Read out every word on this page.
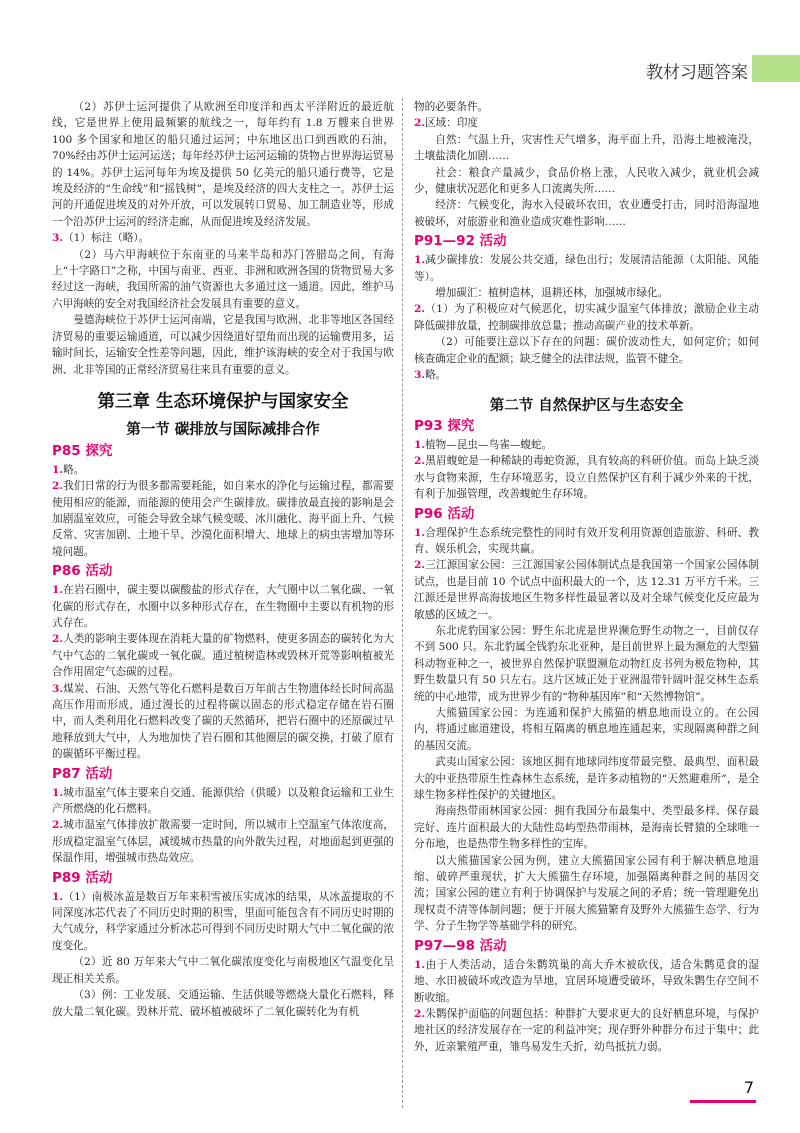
教材习题答案

（2）苏伊士运河提供了从欧洲至印度洋和西太平洋附近的最近航线，它是世界上使用最频繁的航线之一，每年约有 1.8 万艘来自世界 100 多个国家和地区的船只通过运河；中东地区出口到西欧的石油，70%经由苏伊士运河运送；每年经苏伊士运河运输的货物占世界海运贸易的 14%。苏伊士运河每年为埃及提供 50 亿美元的船只通行费等，它是埃及经济的“生命线”和“摇钱树”，是埃及经济的四大支柱之一。苏伊士运河的开通促进埃及的对外开放，可以发展转口贸易、加工制造业等，形成一个沿苏伊士运河的经济走廊，从而促进埃及经济发展。

3.（1）标注（略）。

（2）马六甲海峡位于东南亚的马来半岛和苏门答腊岛之间，有海上“十字路口”之称，中国与南亚、西亚、非洲和欧洲各国的货物贸易大多经过这一海峡，我国所需的油气资源也大多通过这一通道。因此，维护马六甲海峡的安全对我国经济社会发展具有重要的意义。

曼德海峡位于苏伊士运河南端，它是我国与欧洲、北非等地区各国经济贸易的重要运输通道，可以减少因绕道好望角而出现的运输费用多，运输时间长，运输安全性差等问题，因此，维护该海峡的安全对于我国与欧洲、北非等国的正常经济贸易往来具有重要的意义。

第三章 生态环境保护与国家安全
第一节 碳排放与国际减排合作
P85 探究

1.略。

2.我们日常的行为很多都需要耗能，如自来水的净化与运输过程，都需要使用相应的能源，而能源的使用会产生碳排放。碳排放最直接的影响是会加剧温室效应，可能会导致全球气候变暖、冰川融化、海平面上升、气候反常、灾害加剧、土地干旱、沙漠化面积增大、地球上的病虫害增加等环境问题。

P86 活动

1.在岩石圈中，碳主要以碳酸盐的形式存在，大气圈中以二氧化碳、一氧化碳的形式存在，水圈中以多种形式存在，在生物圈中主要以有机物的形式存在。

2.人类的影响主要体现在消耗大量的矿物燃料，使更多固态的碳转化为大气中气态的二氧化碳或一氧化碳。通过植树造林或毁林开荒等影响植被光合作用固定气态碳的过程。

3.煤炭、石油、天然气等化石燃料是数百万年前古生物遗体经长时间高温高压作用而形成，通过漫长的过程将碳以固态的形式稳定存储在岩石圈中，而人类利用化石燃料改变了碳的天然循环，把岩石圈中的还原碳过早地释放到大气中，人为地加快了岩石圈和其他圈层的碳交换，打破了原有的碳循环平衡过程。

P87 活动

1.城市温室气体主要来自交通、能源供给（供暖）以及粮食运输和工业生产所燃烧的化石燃料。

2.城市温室气体排放扩散需要一定时间，所以城市上空温室气体浓度高，形成稳定温室气体层，减缓城市热量的向外散失过程，对地面起到更强的保温作用，增强城市热岛效应。

P89 活动

1.（1）南极冰盖是数百万年来积雪被压实成冰的结果，从冰盖提取的不同深度冰芯代表了不同历史时期的积雪，里面可能包含有不同历史时期的大气成分，科学家通过分析冰芯可得到不同历史时期大气中二氧化碳的浓度变化。

（2）近 80 万年来大气中二氧化碳浓度变化与南极地区气温变化呈现正相关关系。

（3）例：工业发展、交通运输、生活供暖等燃烧大量化石燃料，释放大量二氧化碳。毁林开荒、破坏植被破坏了二氧化碳转化为有机

物的必要条件。

2.区域：印度

自然：气温上升，灾害性天气增多，海平面上升，沿海土地被淹没，土壤盐渍化加剧……

社会：粮食产量减少，食品价格上涨，人民收入减少，就业机会减少，健康状况恶化和更多人口流离失所……

经济：气候变化，海水入侵破坏农田，农业遭受打击，同时沿海湿地被破坏，对旅游业和渔业造成灾难性影响……

P91—92 活动

1.减少碳排放：发展公共交通，绿色出行；发展清洁能源（太阳能、风能等）。

增加碳汇：植树造林，退耕还林，加强城市绿化。

2.（1）为了积极应对气候恶化，切实减少温室气体排放；激励企业主动降低碳排放量，控制碳排放总量；推动高碳产业的技术革新。

（2）可能要注意以下存在的问题：碳价波动性大，如何定价；如何核查确定企业的配额；缺乏健全的法律法规，监管不健全。

3.略。

第二节 自然保护区与生态安全
P93 探究

1.植物—昆虫—鸟雀—蝮蛇。

2.黑眉蝮蛇是一种稀缺的毒蛇资源，具有较高的科研价值。而岛上缺乏淡水与食物来源，生存环境恶劣，设立自然保护区有利于减少外来的干扰，有利于加强管理，改善蝮蛇生存环境。

P96 活动

1.合理保护生态系统完整性的同时有效开发利用资源创造旅游、科研、教育、娱乐机会，实现共赢。

2.三江源国家公园：三江源国家公园体制试点是我国第一个国家公园体制试点，也是目前 10 个试点中面积最大的一个，达 12.31 万平方千米。三江源还是世界高海拔地区生物多样性最显著以及对全球气候变化反应最为敏感的区域之一。

东北虎豹国家公园：野生东北虎是世界濒危野生动物之一，目前仅存不到 500 只。东北豹属全钱豹东北亚种，是目前世界上最为濒危的大型猫科动物亚种之一，被世界自然保护联盟濒危动物红皮书列为极危物种，其野生数量只有 50 只左右。这片区域正处于亚洲温带针阔叶混交林生态系统的中心地带，成为世界少有的“物种基因库”和“天然博物馆”。

大熊猫国家公园：为连通和保护大熊猫的栖息地而设立的。在公园内，将通过廊道建设，将相互隔离的栖息地连通起来，实现隔离种群之间的基因交流。

武夷山国家公园：该地区拥有地球同纬度带最完整、最典型、面积最大的中亚热带原生性森林生态系统，是许多动植物的“天然避难所”，是全球生物多样性保护的关键地区。

海南热带雨林国家公园：拥有我国分布最集中、类型最多样、保存最完好、连片面积最大的大陆性岛屿型热带雨林，是海南长臂猿的全球唯一分布地，也是热带生物多样性的宝库。

以大熊猫国家公园为例，建立大熊猫国家公园有利于解决栖息地退缩、破碎严重现状，扩大大熊猫生存环境，加强隔离种群之间的基因交流；国家公园的建立有利于协调保护与发展之间的矛盾；统一管理避免出现权责不清等体制问题；便于开展大熊猫繁育及野外大熊猫生态学、行为学、分子生物学等基础学科的研究。

P97—98 活动

1.由于人类活动，适合朱鹮筑巢的高大乔木被砍伐，适合朱鹮觅食的湿地、水田被破坏或改造为旱地，宜居环境遭受破坏，导致朱鹮生存空间不断收缩。

2.朱鹮保护面临的问题包括：种群扩大要求更大的良好栖息环境，与保护地社区的经济发展存在一定的利益冲突；现存野外种群分布过于集中；此外，近亲繁殖严重，雏鸟易发生夭折，幼鸟抵抗力弱。

7
